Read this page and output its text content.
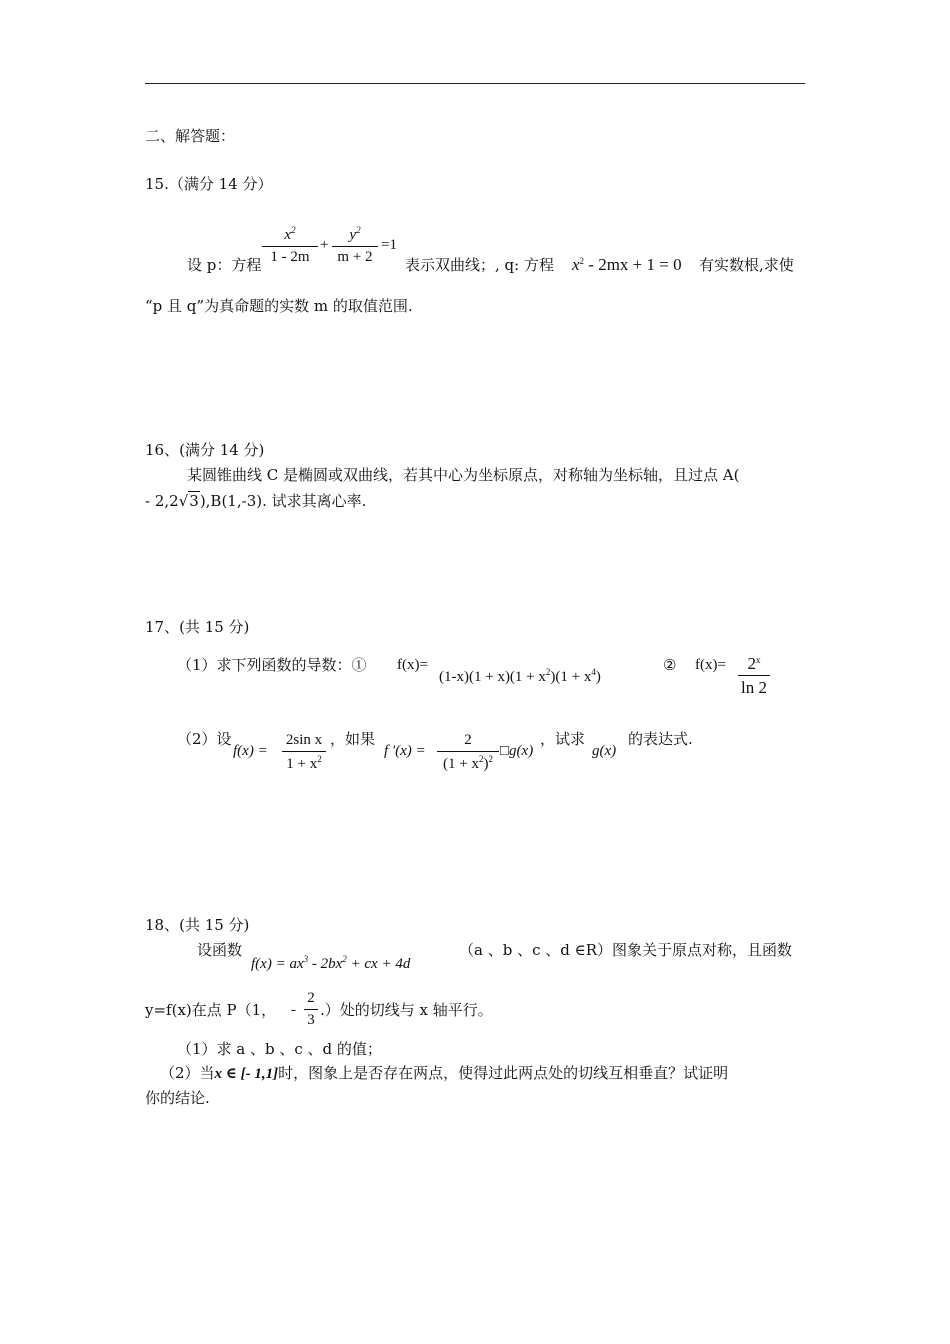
二、解答题：
15.（满分 14 分）
设 p：方程
$x^2$
1 - 2m
+
$y^2$
m + 2
=1
表示双曲线；, q: 方程 $x^2 - 2mx + 1 = 0$ 有实数根,求使
“p 且 q”为真命题的实数 m 的取值范围.
16、(满分 14 分)
某圆锥曲线 C 是椭圆或双曲线，若其中心为坐标原点，对称轴为坐标轴，且过点 A(
- 2,2√3),B(1,-3). 试求其离心率.
17、(共 15 分)
（1）求下列函数的导数：① f(x)=
$(1-x)(1 + x)(1 + x^2)(1 + x^4)$
② f(x)=	$2^x$
ln 2
（2）设
f(x) =
2sin x
$1 + x^2$
，如果
f '(x) =
2
$(1 + x^2)^2$ □g(x)
，试求
g(x)
的表达式.
18、(共 15 分)
设函数
$f(x) = ax^3 - 2bx^2$ + cx + 4d
（a 、b 、c 、d ∈R）图象关于原点对称，且函数
y=f(x)在点 P（1， -
2
3
.）处的切线与 x 轴平行。
（1）求 a 、b 、c 、d 的值；
（2）当x ∈ [- 1,1]时，图象上是否存在两点，使得过此两点处的切线互相垂直？试证明
你的结论.
